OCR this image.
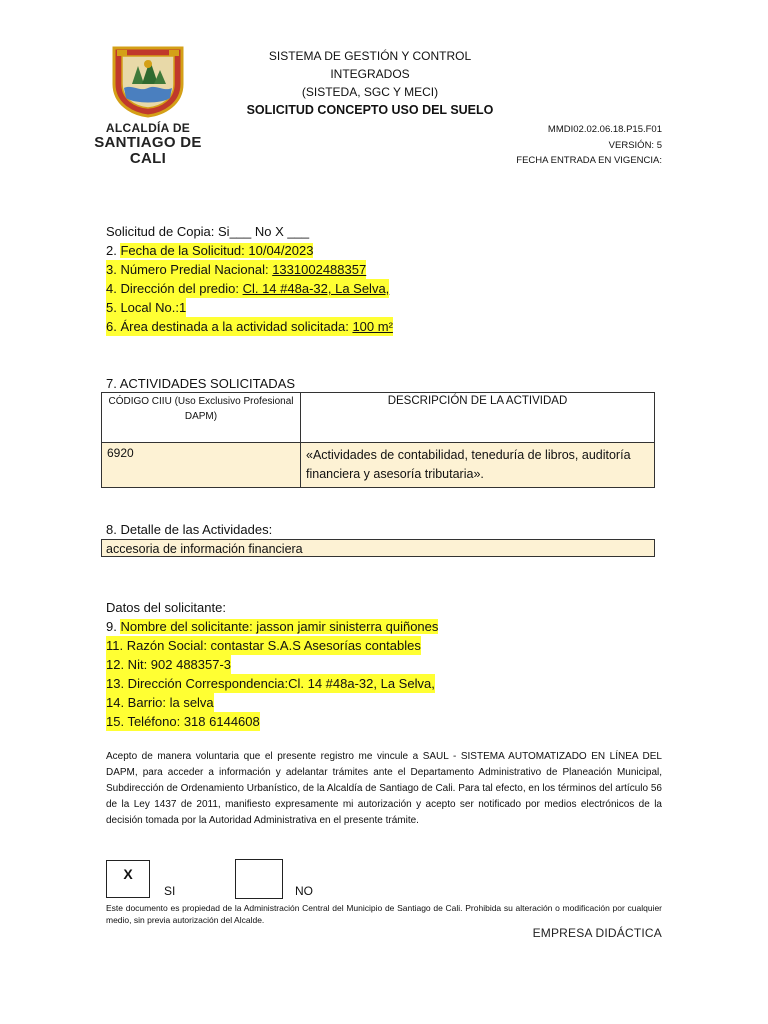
ALCALDÍA DE
SANTIAGO DE CALI
SISTEMA DE GESTIÓN Y CONTROL
INTEGRADOS
(SISTEDA, SGC Y MECI)
SOLICITUD CONCEPTO USO DEL SUELO
MMDI02.02.06.18.P15.F01
VERSIÓN: 5
FECHA ENTRADA EN VIGENCIA:
Solicitud de Copia: Si___ No X ___
2. Fecha de la Solicitud: 10/04/2023
3. Número Predial Nacional: 1331002488357
4. Dirección del predio: Cl. 14 #48a-32, La Selva,
5. Local No.:1
6. Área destinada a la actividad solicitada: 100 m²
7. ACTIVIDADES SOLICITADAS
CÓDIGO CIIU (Uso Exclusivo Profesional DAPM)	DESCRIPCIÓN DE LA ACTIVIDAD
6920	«Actividades de contabilidad, teneduría de libros, auditoría financiera y asesoría tributaria».
8. Detalle de las Actividades:
accesoria de información financiera
Datos del solicitante:
9. Nombre del solicitante: jasson jamir sinisterra quiñones
11. Razón Social: contastar S.A.S Asesorías contables
12. Nit: 902 488357-3
13. Dirección Correspondencia:Cl. 14 #48a-32, La Selva,
14. Barrio: la selva
15. Teléfono: 318 6144608
Acepto de manera voluntaria que el presente registro me vincule a SAUL - SISTEMA AUTOMATIZADO EN LÍNEA DEL DAPM, para acceder a información y adelantar trámites ante el Departamento Administrativo de Planeación Municipal, Subdirección de Ordenamiento Urbanístico, de la Alcaldía de Santiago de Cali. Para tal efecto, en los términos del artículo 56 de la Ley 1437 de 2011, manifiesto expresamente mi autorización y acepto ser notificado por medios electrónicos de la decisión tomada por la Autoridad Administrativa en el presente trámite.
X
SI	NO
Este documento es propiedad de la Administración Central del Municipio de Santiago de Cali. Prohibida su alteración o modificación por cualquier medio, sin previa autorización del Alcalde.
EMPRESA DIDÁCTICA
